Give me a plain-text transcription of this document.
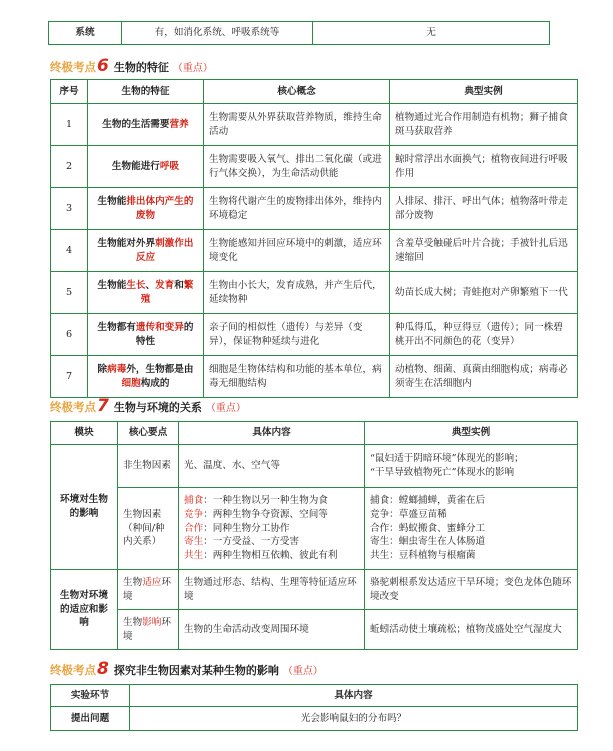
系统	有，如消化系统、呼吸系统等	无
终极考点6 生物的特征 （重点）
序号	生物的特征	核心概念	典型实例
1	生物的生活需要营养	生物需要从外界获取营养物质，维持生命活动	植物通过光合作用制造有机物；狮子捕食斑马获取营养
2	生物能进行呼吸	生物需要吸入氧气、排出二氧化碳（或进行气体交换），为生命活动供能	鲸时常浮出水面换气；植物夜间进行呼吸作用
3	生物能排出体内产生的废物	生物将代谢产生的废物排出体外，维持内环境稳定	人排尿、排汗、呼出气体；植物落叶带走部分废物
4	生物能对外界刺激作出反应	生物能感知并回应环境中的刺激，适应环境变化	含羞草受触碰后叶片合拢；手被针扎后迅速缩回
5	生物能生长、发育和繁殖	生物由小长大，发育成熟，并产生后代，延续物种	幼苗长成大树；青蛙抱对产卵繁殖下一代
6	生物都有遗传和变异的特性	亲子间的相似性（遗传）与差异（变异），保证物种延续与进化	种瓜得瓜，种豆得豆（遗传）；同一株碧桃开出不同颜色的花（变异）
7	除病毒外，生物都是由细胞构成的	细胞是生物体结构和功能的基本单位，病毒无细胞结构	动植物、细菌、真菌由细胞构成；病毒必须寄生在活细胞内
终极考点7 生物与环境的关系 （重点）
模块	核心要点	具体内容	典型实例
环境对生物的影响	非生物因素	光、温度、水、空气等	“鼠妇适于阴暗环境”体现光的影响；
“干旱导致植物死亡”体现水的影响

	生物因素（种间/种内关系）	捕食：一种生物以另一种生物为食
竞争：两种生物争夺资源、空间等
合作：同种生物分工协作
寄生：一方受益、一方受害
共生：两种生物相互依赖、彼此有利	捕食：螳螂捕蝉，黄雀在后
竞争：草盛豆苗稀
合作：蚂蚁搬食、蜜蜂分工
寄生：蛔虫寄生在人体肠道
共生：豆科植物与根瘤菌

生物对环境的适应和影响	生物适应环境	生物通过形态、结构、生理等特征适应环境	骆驼刺根系发达适应干旱环境；变色龙体色随环境改变
	生物影响环境	生物的生命活动改变周围环境	蚯蚓活动使土壤疏松；植物茂盛处空气湿度大
终极考点8 探究非生物因素对某种生物的影响 （重点）
实验环节	具体内容
提出问题	光会影响鼠妇的分布吗？
